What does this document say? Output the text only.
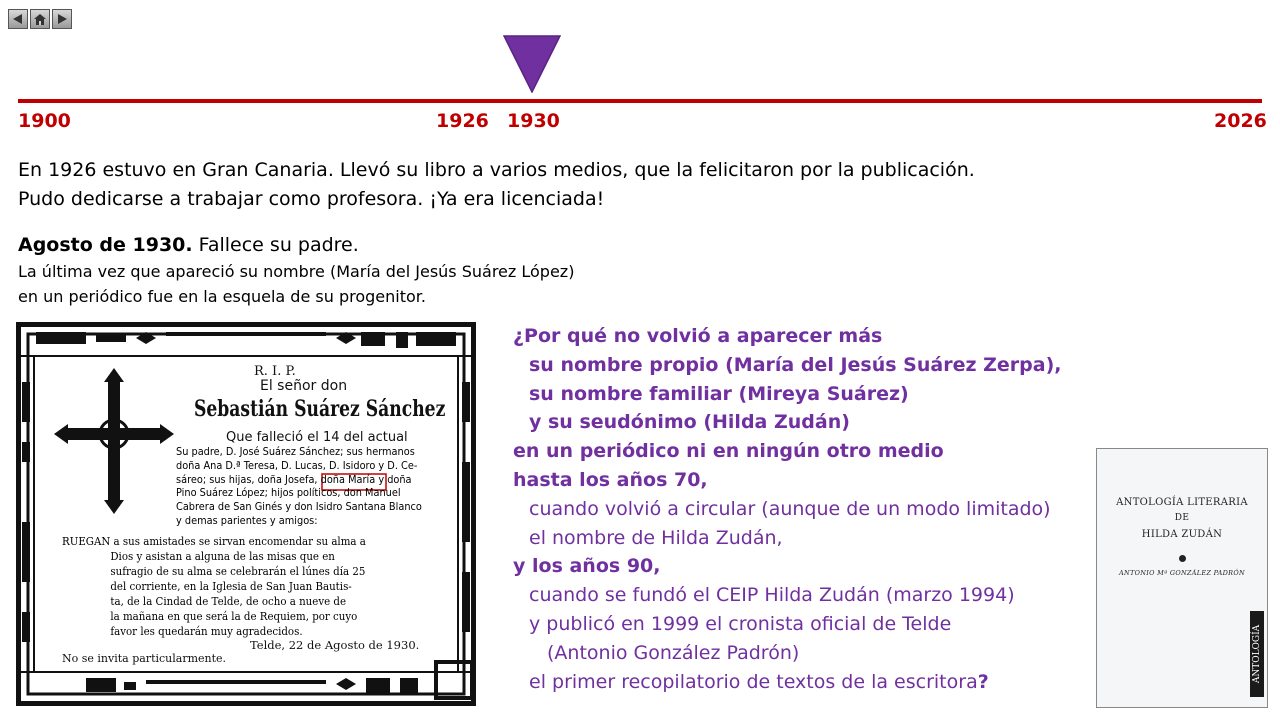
1900	1926 1930	2026
En 1926 estuvo en Gran Canaria. Llevó su libro a varios medios, que la felicitaron por la publicación.
Pudo dedicarse a trabajar como profesora. ¡Ya era licenciada!
Agosto de 1930. Fallece su padre.
La última vez que apareció su nombre (María del Jesús Suárez López)
en un periódico fue en la esquela de su progenitor.
R. I. P.
El señor don
Sebastián Suárez Sánchez
Que falleció el 14 del actual
Su padre, D. José Suárez Sánchez; sus hermanos
doña Ana D.ª Teresa, D. Lucas, D. Isidoro y D. Ce-
sáreo; sus hijas, doña Josefa, doña María y doña
Pino Suárez López; hijos políticos, don Manuel
Cabrera de San Ginés y don Isidro Santana Blanco
y demas parientes y amigos:
RUEGAN a sus amistades se sirvan encomendar su alma a
Dios y asistan a alguna de las misas que en
sufragio de su alma se celebrarán el lúnes día 25
del corriente, en la Iglesia de San Juan Bautis-
ta, de la Cindad de Telde, de ocho a nueve de
la mañana en que será la de Requiem, por cuyo
favor les quedarán muy agradecidos.
Telde, 22 de Agosto de 1930.
No se invita particularmente.
¿Por qué no volvió a aparecer más
su nombre propio (María del Jesús Suárez Zerpa),
su nombre familiar (Mireya Suárez)
y su seudónimo (Hilda Zudán)
en un periódico ni en ningún otro medio
hasta los años 70,
cuando volvió a circular (aunque de un modo limitado)
el nombre de Hilda Zudán,
y los años 90,
cuando se fundó el CEIP Hilda Zudán (marzo 1994)
y publicó en 1999 el cronista oficial de Telde
(Antonio González Padrón)
el primer recopilatorio de textos de la escritora?
ANTOLOGÍA LITERARIA
DE
HILDA ZUDÁN
ANTONIO Mª GONZÁLEZ PADRÓN
ANTOLOGÍA
